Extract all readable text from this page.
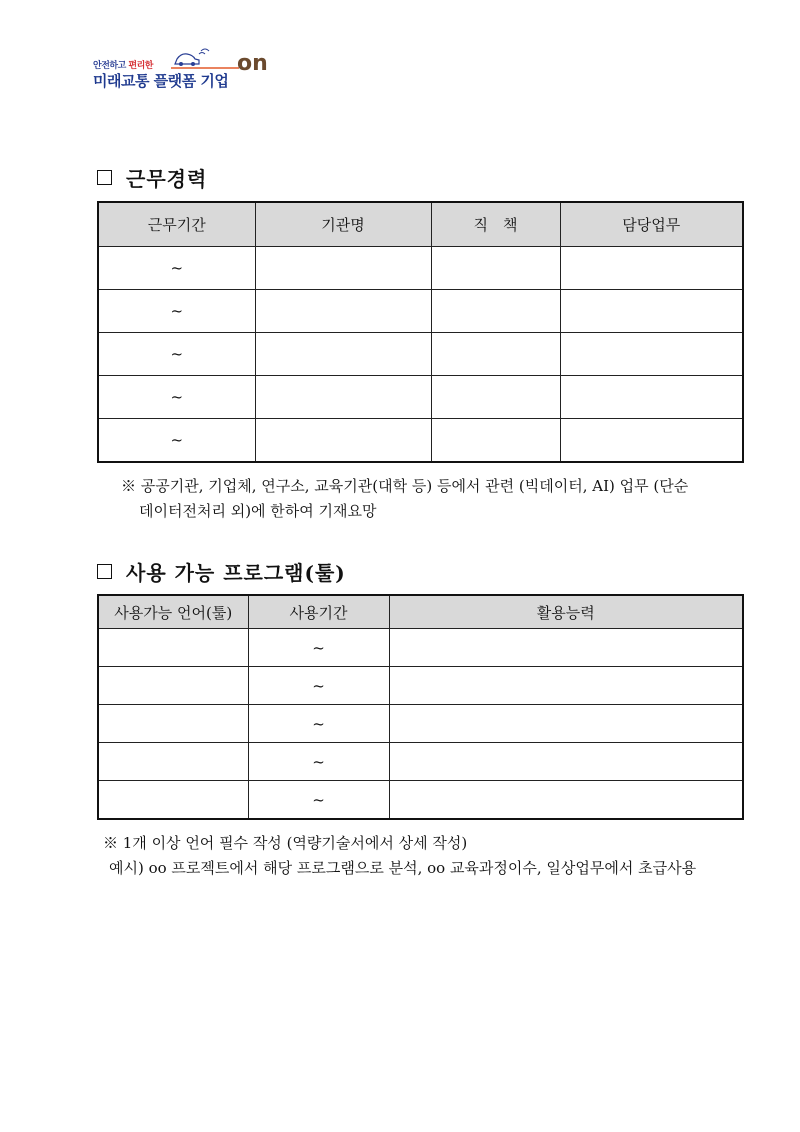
안전하고 편리한	on
미래교통 플랫폼 기업
근무경력
근무기간	기관명	직　책	담당업무
~			
~			
~			
~			
~			
※ 공공기관, 기업체, 연구소, 교육기관(대학 등) 등에서 관련 (빅데이터, AI) 업무 (단순
데이터전처리 외)에 한하여 기재요망
사용 가능 프로그램(툴)
사용가능 언어(툴)	사용기간	활용능력
	~	
	~	
	~	
	~	
	~	
※ 1개 이상 언어 필수 작성 (역량기술서에서 상세 작성)
예시) oo 프로젝트에서 해당 프로그램으로 분석, oo 교육과정이수, 일상업무에서 초급사용
